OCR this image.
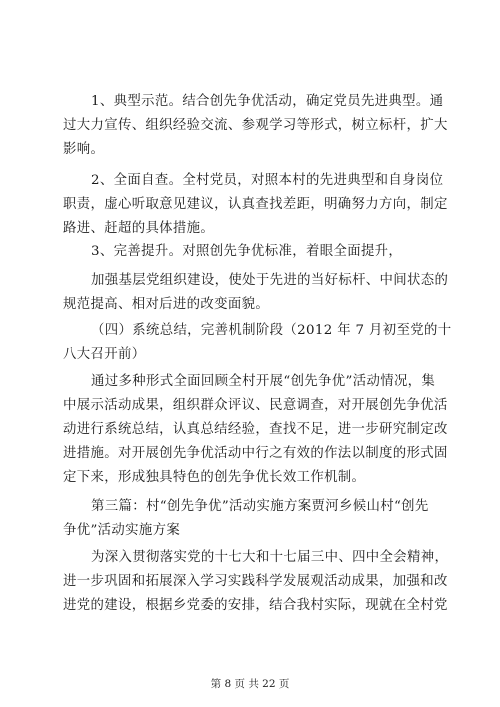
1、典型示范。结合创先争优活动，确定党员先进典型。通
过大力宣传、组织经验交流、参观学习等形式，树立标杆，扩大
影响。
2、全面自查。全村党员，对照本村的先进典型和自身岗位
职责，虚心听取意见建议，认真查找差距，明确努力方向，制定
路进、赶超的具体措施。
3、完善提升。对照创先争优标准，着眼全面提升，
加强基层党组织建设，使处于先进的当好标杆、中间状态的
规范提高、相对后进的改变面貌。
（四）系统总结，完善机制阶段（2012 年 7 月初至党的十
八大召开前）
通过多种形式全面回顾全村开展“创先争优”活动情况，集
中展示活动成果，组织群众评议、民意调查，对开展创先争优活
动进行系统总结，认真总结经验，查找不足，进一步研究制定改
进措施。对开展创先争优活动中行之有效的作法以制度的形式固
定下来，形成独具特色的创先争优长效工作机制。
第三篇：村“创先争优”活动实施方案贾河乡候山村“创先
争优”活动实施方案
为深入贯彻落实党的十七大和十七届三中、四中全会精神，
进一步巩固和拓展深入学习实践科学发展观活动成果，加强和改
进党的建设，根据乡党委的安排，结合我村实际，现就在全村党
第 8 页 共 22 页
